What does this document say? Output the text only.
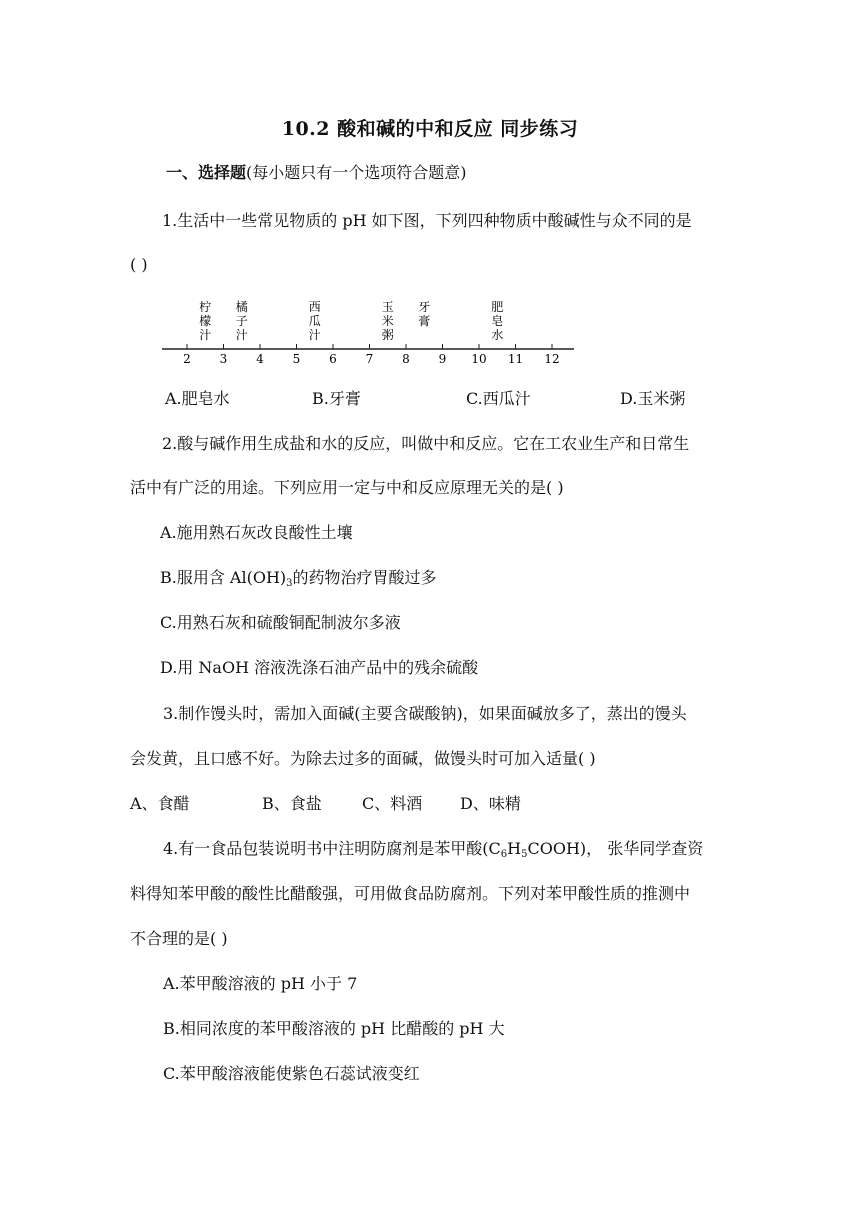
10.2 酸和碱的中和反应 同步练习
一、选择题(每小题只有一个选项符合题意)
1.生活中一些常见物质的 pH 如下图，下列四种物质中酸碱性与众不同的是
( )
2 3 4 5 6 7 8 9 10 11 12
柠
檬
汁
橘
子
汁
西
瓜
汁
玉
米
粥
牙
膏
肥
皂
水
A.肥皂水	B.牙膏	C.西瓜汁	D.玉米粥
2.酸与碱作用生成盐和水的反应，叫做中和反应。它在工农业生产和日常生
活中有广泛的用途。下列应用一定与中和反应原理无关的是( )
A.施用熟石灰改良酸性土壤
B.服用含 $Al(OH)_3$的药物治疗胃酸过多
C.用熟石灰和硫酸铜配制波尔多液
D.用 NaOH 溶液洗涤石油产品中的残余硫酸
3.制作馒头时，需加入面碱(主要含碳酸钠)，如果面碱放多了，蒸出的馒头
会发黄，且口感不好。为除去过多的面碱，做馒头时可加入适量( )
A、食醋	B、食盐	C、料酒 D、味精
4.有一食品包装说明书中注明防腐剂是苯甲酸$(C_6H_5COOH)$， 张华同学查资
料得知苯甲酸的酸性比醋酸强，可用做食品防腐剂。下列对苯甲酸性质的推测中
不合理的是( )
A.苯甲酸溶液的 pH 小于 7
B.相同浓度的苯甲酸溶液的 pH 比醋酸的 pH 大
C.苯甲酸溶液能使紫色石蕊试液变红
